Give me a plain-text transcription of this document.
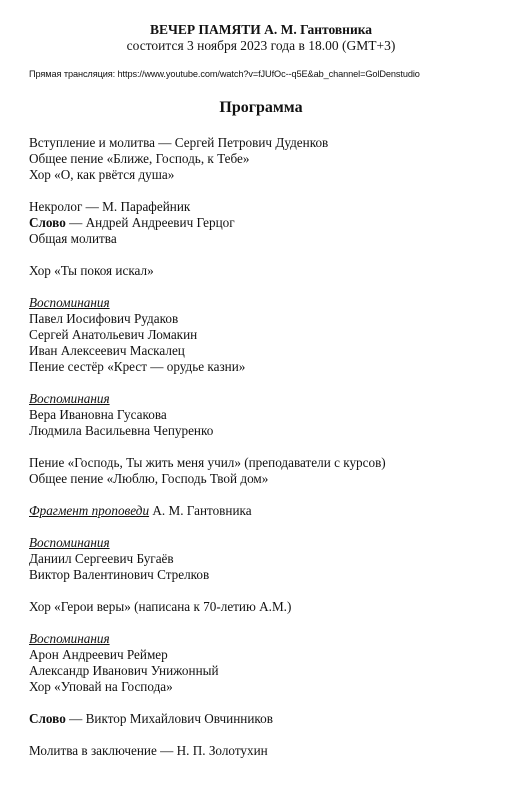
ВЕЧЕР ПАМЯТИ А. М. Гантовника
состоится 3 ноября 2023 года в 18.00 (GMT+3)
Прямая трансляция: https://www.youtube.com/watch?v=fJUfOc--q5E&ab_channel=GolDenstudio
Программа
Вступление и молитва — Сергей Петрович Дуденков
Общее пение «Ближе, Господь, к Тебе»
Хор «О, как рвётся душа»
Некролог — М. Парафейник
Слово — Андрей Андреевич Герцог
Общая молитва
Хор «Ты покоя искал»
Воспоминания
Павел Иосифович Рудаков
Сергей Анатольевич Ломакин
Иван Алексеевич Маскалец
Пение сестёр «Крест — орудье казни»
Воспоминания
Вера Ивановна Гусакова
Людмила Васильевна Чепуренко
Пение «Господь, Ты жить меня учил» (преподаватели с курсов)
Общее пение «Люблю, Господь Твой дом»
Фрагмент проповеди А. М. Гантовника
Воспоминания
Даниил Сергеевич Бугаёв
Виктор Валентинович Стрелков
Хор «Герои веры» (написана к 70-летию А.М.)
Воспоминания
Арон Андреевич Реймер
Александр Иванович Унижонный
Хор «Уповай на Господа»
Слово — Виктор Михайлович Овчинников
Молитва в заключение — Н. П. Золотухин
